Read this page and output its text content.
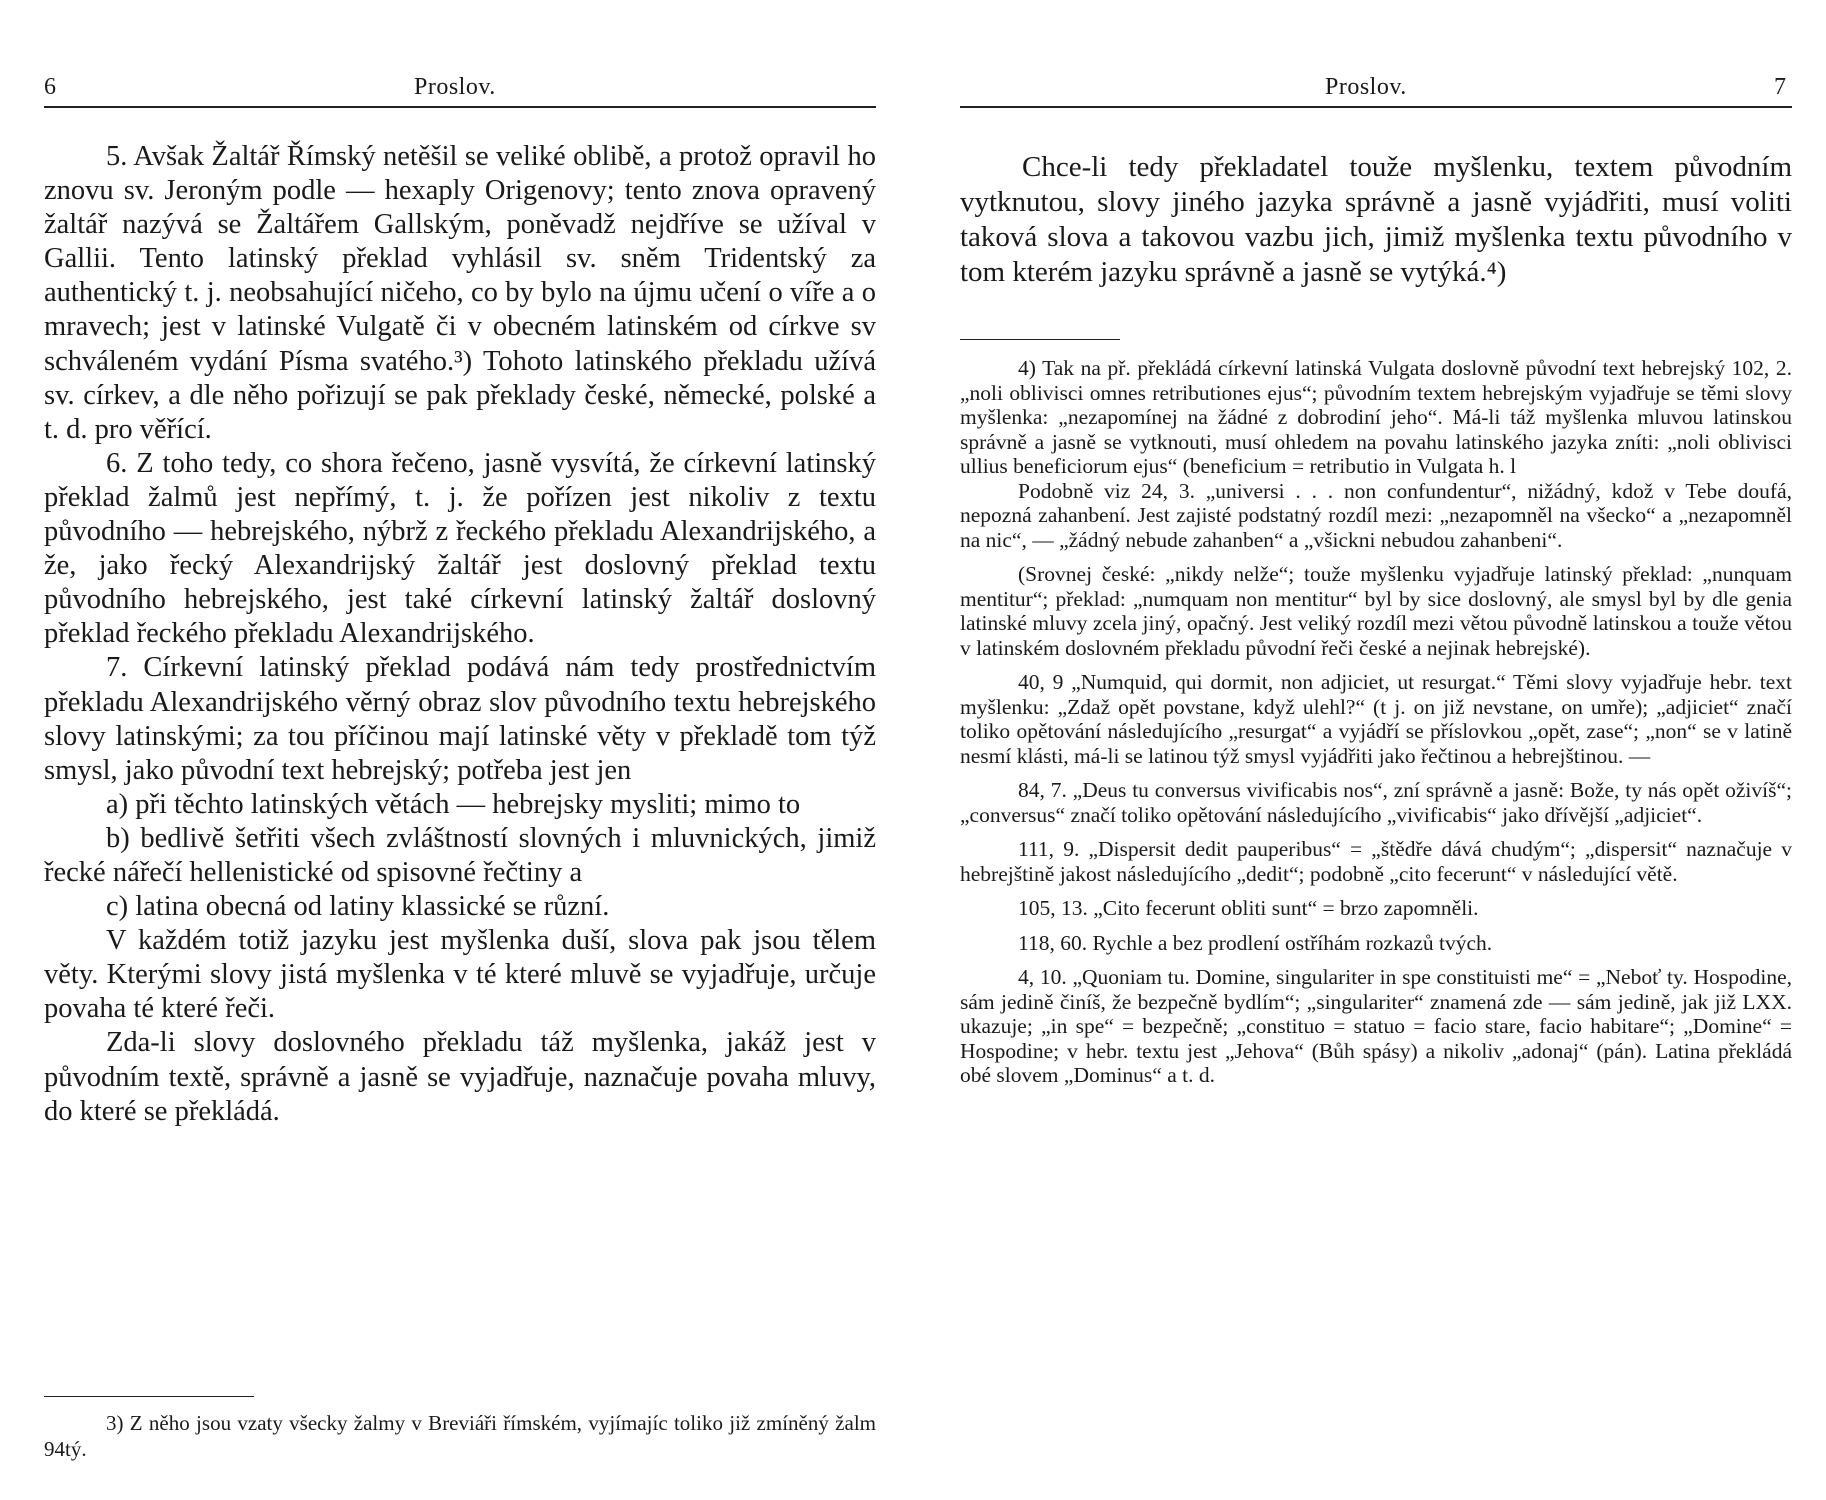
6	Proslov.

5. Avšak Žaltář Římský netěšil se veliké oblibě, a protož opravil ho znovu sv. Jeroným podle — hexaply Origenovy; tento znova opravený žaltář nazývá se Žaltářem Gallským, poněvadž nejdříve se užíval v Gallii. Tento latinský překlad vyhlásil sv. sněm Tridentský za authentický t. j. neobsahující ničeho, co by bylo na újmu učení o víře a o mravech; jest v latinské Vulgatě či v obecném latinském od církve sv schváleném vydání Písma svatého.³) Tohoto latinského překladu užívá sv. církev, a dle něho pořizují se pak překlady české, německé, polské a t. d. pro věřící.

6. Z toho tedy, co shora řečeno, jasně vysvítá, že církevní latinský překlad žalmů jest nepřímý, t. j. že pořízen jest nikoliv z textu původního — hebrejského, nýbrž z řeckého překladu Alexandrijského, a že, jako řecký Alexandrijský žaltář jest doslovný překlad textu původního hebrejského, jest také církevní latinský žaltář doslovný překlad řeckého překladu Alexandrijského.

7. Církevní latinský překlad podává nám tedy prostřednictvím překladu Alexandrijského věrný obraz slov původního textu hebrejského slovy latinskými; za tou příčinou mají latinské věty v překladě tom týž smysl, jako původní text hebrejský; potřeba jest jen

a) při těchto latinských větách — hebrejsky mysliti; mimo to

b) bedlivě šetřiti všech zvláštností slovných i mluvnických, jimiž řecké nářečí hellenistické od spisovné řečtiny a

c) latina obecná od latiny klassické se různí.

V každém totiž jazyku jest myšlenka duší, slova pak jsou tělem věty. Kterými slovy jistá myšlenka v té které mluvě se vyjadřuje, určuje povaha té které řeči.

Zda-li slovy doslovného překladu táž myšlenka, jakáž jest v původním textě, správně a jasně se vyjadřuje, naznačuje povaha mluvy, do které se překládá.

3) Z něho jsou vzaty všecky žalmy v Breviáři římském, vyjímajíc toliko již zmíněný žalm 94tý.

Proslov.	7

Chce-li tedy překladatel touže myšlenku, textem původním vytknutou, slovy jiného jazyka správně a jasně vyjádřiti, musí voliti taková slova a takovou vazbu jich, jimiž myšlenka textu původního v tom kterém jazyku správně a jasně se vytýká.⁴)

4) Tak na př. překládá církevní latinská Vulgata doslovně původní text hebrejský 102, 2. „noli oblivisci omnes retributiones ejus“; původním textem hebrejským vyjadřuje se těmi slovy myšlenka: „nezapomínej na žádné z dobrodiní jeho“. Má-li táž myšlenka mluvou latinskou správně a jasně se vytknouti, musí ohledem na povahu latinského jazyka zníti: „noli oblivisci ullius beneficiorum ejus“ (beneficium = retributio in Vulgata h. l

Podobně viz 24, 3. „universi . . . non confundentur“, nižádný, kdož v Tebe doufá, nepozná zahanbení. Jest zajisté podstatný rozdíl mezi: „nezapomněl na všecko“ a „nezapomněl na nic“, — „žádný nebude zahanben“ a „všickni nebudou zahanbeni“.

(Srovnej české: „nikdy nelže“; touže myšlenku vyjadřuje latinský překlad: „nunquam mentitur“; překlad: „numquam non mentitur“ byl by sice doslovný, ale smysl byl by dle genia latinské mluvy zcela jiný, opačný. Jest veliký rozdíl mezi větou původně latinskou a touže větou v latinském doslovném překladu původní řeči české a nejinak hebrejské).

40, 9 „Numquid, qui dormit, non adjiciet, ut resurgat.“ Těmi slovy vyjadřuje hebr. text myšlenku: „Zdaž opět povstane, když ulehl?“ (t j. on již nevstane, on umře); „adjiciet“ značí toliko opětování následujícího „resurgat“ a vyjádří se příslovkou „opět, zase“; „non“ se v latině nesmí klásti, má-li se latinou týž smysl vyjádřiti jako řečtinou a hebrejštinou. —

84, 7. „Deus tu conversus vivificabis nos“, zní správně a jasně: Bože, ty nás opět oživíš“; „conversus“ značí toliko opětování následujícího „vivificabis“ jako dřívější „adjiciet“.

111, 9. „Dispersit dedit pauperibus“ = „štědře dává chudým“; „dispersit“ naznačuje v hebrejštině jakost následujícího „dedit“; podobně „cito fecerunt“ v následující větě.

105, 13. „Cito fecerunt obliti sunt“ = brzo zapomněli.

118, 60. Rychle a bez prodlení ostříhám rozkazů tvých.

4, 10. „Quoniam tu. Domine, singulariter in spe constituisti me“ = „Neboť ty. Hospodine, sám jedině činíš, že bezpečně bydlím“; „singulariter“ znamená zde — sám jedině, jak již LXX. ukazuje; „in spe“ = bezpečně; „constituo = statuo = facio stare, facio habitare“; „Domine“ = Hospodine; v hebr. textu jest „Jehova“ (Bůh spásy) a nikoliv „adonaj“ (pán). Latina překládá obé slovem „Dominus“ a t. d.
